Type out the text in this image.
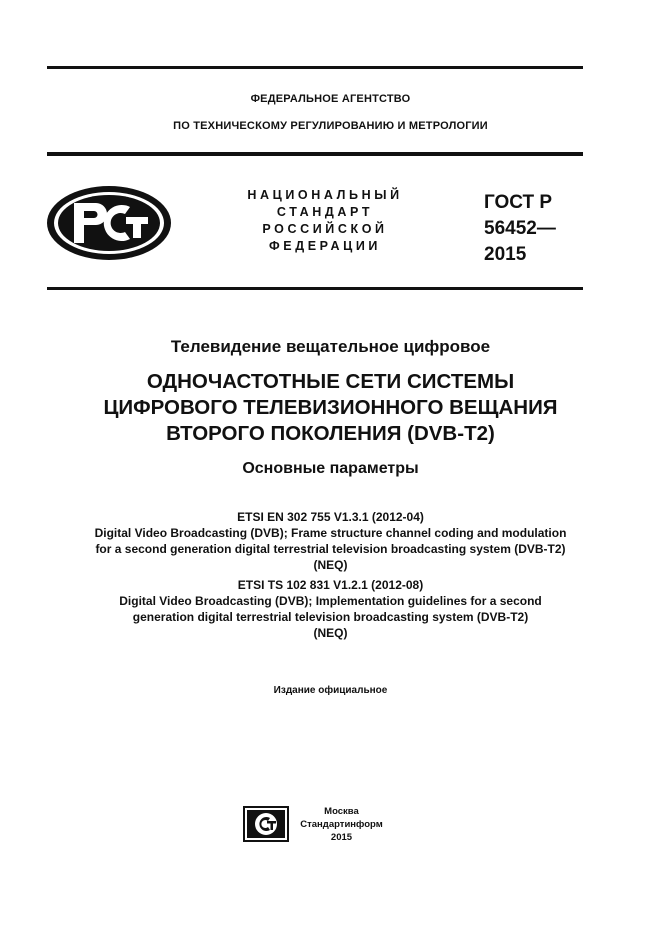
ФЕДЕРАЛЬНОЕ АГЕНТСТВО
ПО ТЕХНИЧЕСКОМУ РЕГУЛИРОВАНИЮ И МЕТРОЛОГИИ
НАЦИОНАЛЬНЫЙ
СТАНДАРТ
РОССИЙСКОЙ
ФЕДЕРАЦИИ
ГОСТ Р
56452—
2015
Телевидение вещательное цифровое
ОДНОЧАСТОТНЫЕ СЕТИ СИСТЕМЫ
ЦИФРОВОГО ТЕЛЕВИЗИОННОГО ВЕЩАНИЯ
ВТОРОГО ПОКОЛЕНИЯ (DVB-T2)
Основные параметры
ETSI EN 302 755 V1.3.1 (2012-04)
Digital Video Broadcasting (DVB); Frame structure channel coding and modulation
for a second generation digital terrestrial television broadcasting system (DVB-T2)
(NEQ)
ETSI TS 102 831 V1.2.1 (2012-08)
Digital Video Broadcasting (DVB); Implementation guidelines for a second
generation digital terrestrial television broadcasting system (DVB-T2)
(NEQ)
Издание официальное
Москва
Стандартинформ
2015
